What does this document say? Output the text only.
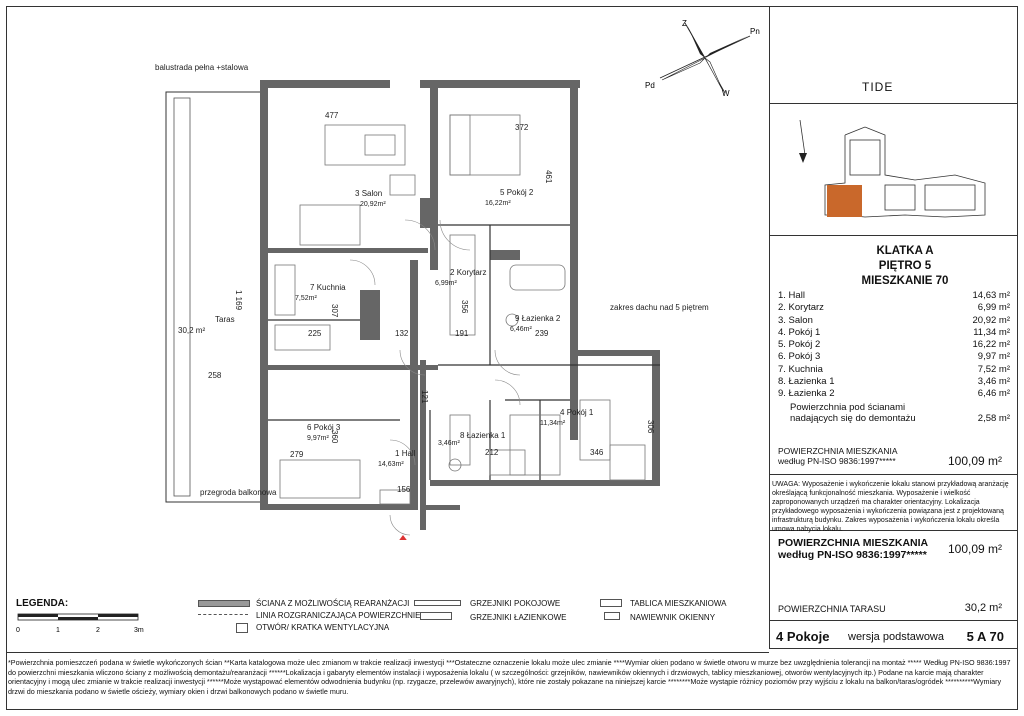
balustrada pełna +stalowa
przegroda balkonowa
zakres dachu nad 5 piętrem
Taras
30,2 m²
3 Salon
20,92m²
5 Pokój 2
16,22m²
7 Kuchnia
7,52m²
2 Korytarz
6,99m²
9 Łazienka 2
6,46m²
6 Pokój 3
9,97m²
1 Hall
14,63m²
8 Łazienka 1
3,46m²
4 Pokój 1
11,34m²
477
372
225	132	191	239
279
156
212	346
258
1 169
121
356
461
307
360
306
Pn
Pd
W
Z
TIDE
KLATKA A
PIĘTRO 5
MIESZKANIE 70
1. Hall	14,63 m²
2. Korytarz	6,99 m²
3. Salon	20,92 m²
4. Pokój 1	11,34 m²
5. Pokój 2	16,22 m²
6. Pokój 3	9,97 m²
7. Kuchnia	7,52 m²
8. Łazienka 1	3,46 m²
9. Łazienka 2	6,46 m²
Powierzchnia pod ścianami nadających się do demontażu	2,58 m²
POWIERZCHNIA MIESZKANIA
według PN-ISO 9836:1997*****	100,09 m²
UWAGA: Wyposażenie i wykończenie lokalu stanowi przykładową aranżację określającą funkcjonalność mieszkania. Wyposażenie i wielkość zaproponowanych urządzeń ma charakter orientacyjny. Lokalizacja przykładowego wyposażenia i wykończenia powiązana jest z projektowaną infrastrukturą budynku. Zakres wyposażenia i wykończenia lokalu określa umowa nabycia lokalu.
POWIERZCHNIA MIESZKANIA
według PN-ISO 9836:1997*****	100,09 m²
POWIERZCHNIA TARASU	30,2 m²
4 Pokoje wersja podstawowa 5 A 70
LEGENDA:
0	1	2	3m
ŚCIANA Z MOŻLIWOŚCIĄ REARANŻACJI
LINIA ROZGRANICZAJĄCA POWIERZCHNIE
OTWÓR/ KRATKA WENTYLACYJNA
GRZEJNIKI POKOJOWE
GRZEJNIKI ŁAZIENKOWE
TABLICA MIESZKANIOWA
NAWIEWNIK OKIENNY
*Powierzchnia pomieszczeń podana w świetle wykończonych ścian **Karta katalogowa może ulec zmianom w trakcie realizacji inwestycji ***Ostateczne oznaczenie lokalu może ulec zmianie ****Wymiar okien podano w świetle otworu w murze bez uwzględnienia tolerancji na montaż ***** Według PN-ISO 9836:1997 do powierzchni mieszkania wliczono ściany z możliwością demontażu/rearanżacji ******Lokalizacja i gabaryty elementów instalacji i wyposażenia lokalu ( w szczególności: grzejników, nawiewników okiennych i drzwiowych, tablicy mieszkaniowej, otworów wentylacyjnych itp.) Podane na karcie mają charakter orientacyjny i mogą ulec zmianie w trakcie realizacji inwestycji ******Może wystąpować elementów odwodnienia budynku (np. rzygacze, przelewów awaryjnych), które nie zostały pokazane na niniejszej karcie ********Może wystąpie różnicy poziomów przy wyjściu z lokalu na balkon/taras/ogródek **********Wymiary drzwi do mieszkania podano w świetle ościeży, wymiary okien i drzwi balkonowych podano w świetle muru.
